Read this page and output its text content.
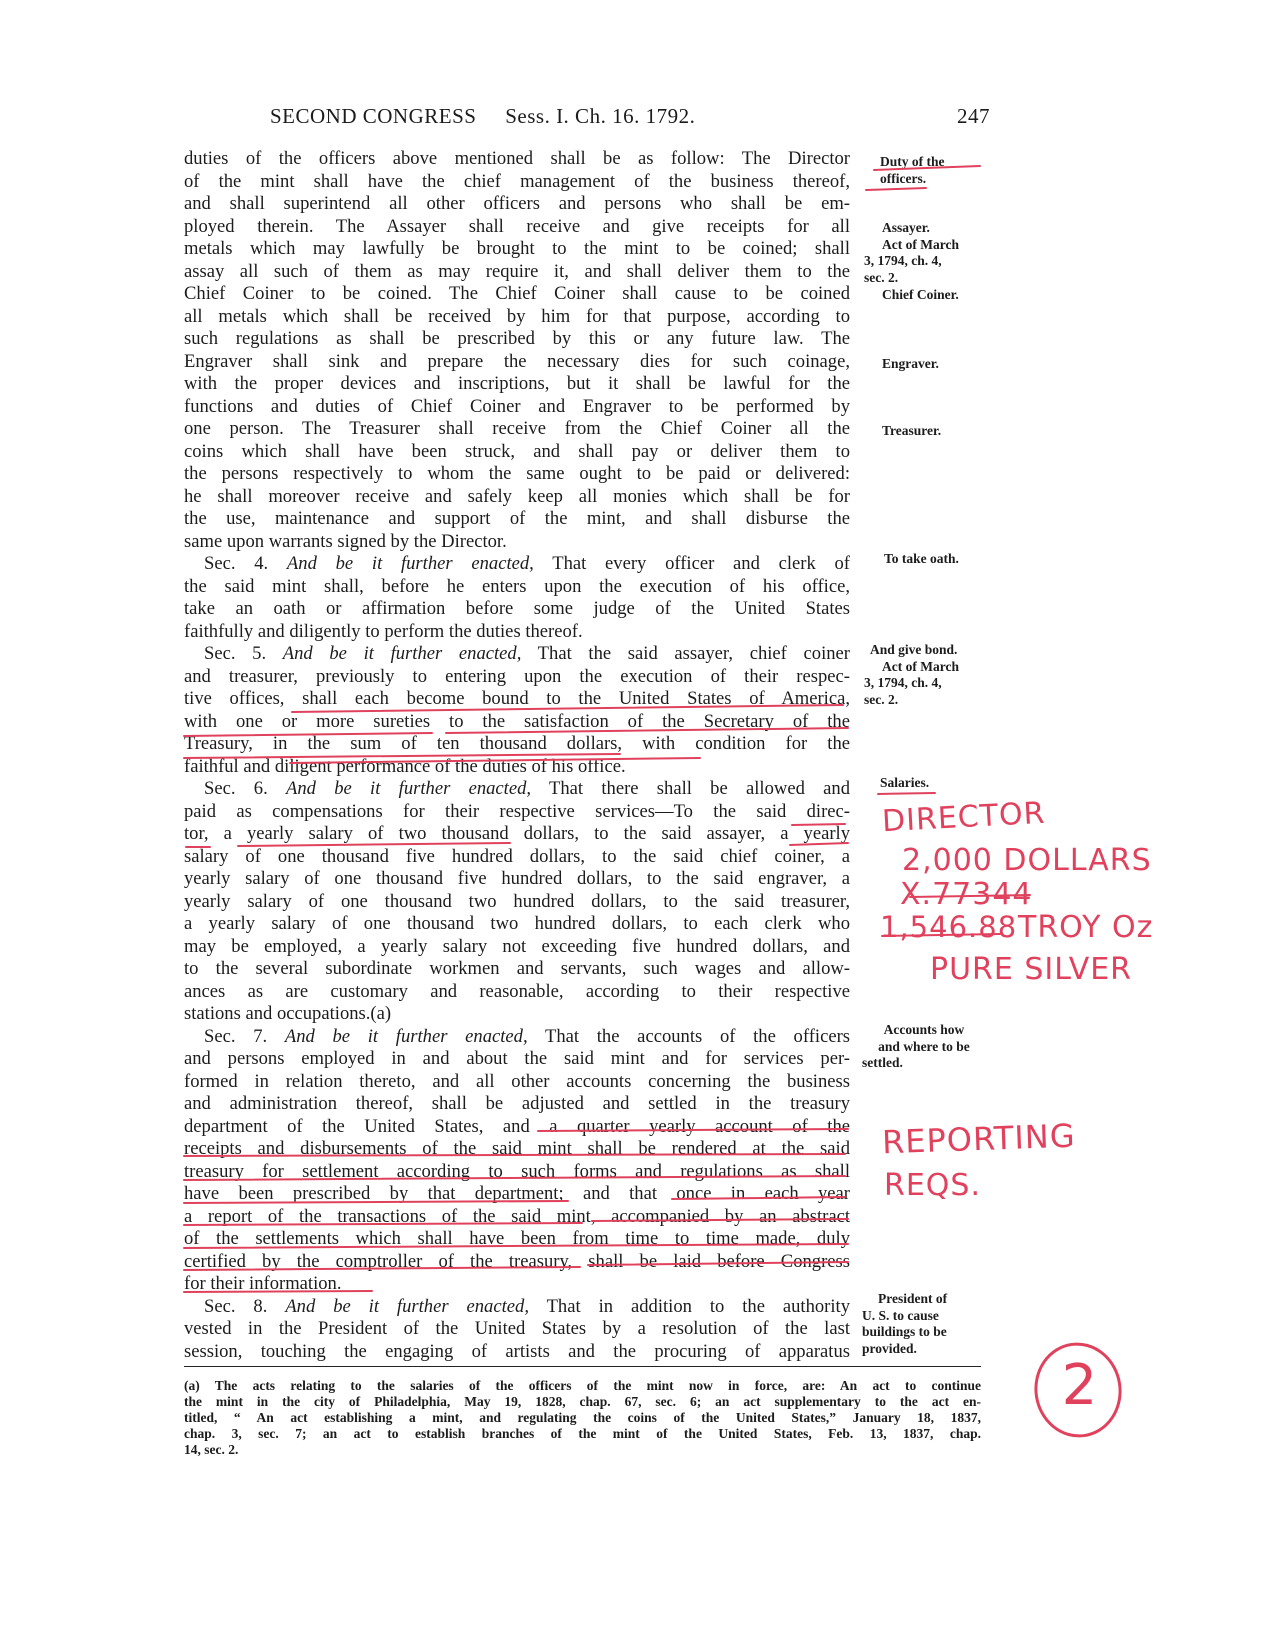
SECOND CONGRESS Sess. I. Ch. 16. 1792.	247
duties of the officers above mentioned shall be as follow: The Director
of the mint shall have the chief management of the business thereof,
and shall superintend all other officers and persons who shall be em-
ployed therein. The Assayer shall receive and give receipts for all
metals which may lawfully be brought to the mint to be coined; shall
assay all such of them as may require it, and shall deliver them to the
Chief Coiner to be coined. The Chief Coiner shall cause to be coined
all metals which shall be received by him for that purpose, according to
such regulations as shall be prescribed by this or any future law. The
Engraver shall sink and prepare the necessary dies for such coinage,
with the proper devices and inscriptions, but it shall be lawful for the
functions and duties of Chief Coiner and Engraver to be performed by
one person. The Treasurer shall receive from the Chief Coiner all the
coins which shall have been struck, and shall pay or deliver them to
the persons respectively to whom the same ought to be paid or delivered:
he shall moreover receive and safely keep all monies which shall be for
the use, maintenance and support of the mint, and shall disburse the
same upon warrants signed by the Director.
Sec. 4. And be it further enacted, That every officer and clerk of
the said mint shall, before he enters upon the execution of his office,
take an oath or affirmation before some judge of the United States
faithfully and diligently to perform the duties thereof.
Sec. 5. And be it further enacted, That the said assayer, chief coiner
and treasurer, previously to entering upon the execution of their respec-
tive offices, shall each become bound to the United States of America,
with one or more sureties to the satisfaction of the Secretary of the
Treasury, in the sum of ten thousand dollars, with condition for the
faithful and diligent performance of the duties of his office.
Sec. 6. And be it further enacted, That there shall be allowed and
paid as compensations for their respective services—To the said direc-
tor, a yearly salary of two thousand dollars, to the said assayer, a yearly
salary of one thousand five hundred dollars, to the said chief coiner, a
yearly salary of one thousand five hundred dollars, to the said engraver, a
yearly salary of one thousand two hundred dollars, to the said treasurer,
a yearly salary of one thousand two hundred dollars, to each clerk who
may be employed, a yearly salary not exceeding five hundred dollars, and
to the several subordinate workmen and servants, such wages and allow-
ances as are customary and reasonable, according to their respective
stations and occupations.(a)
Sec. 7. And be it further enacted, That the accounts of the officers
and persons employed in and about the said mint and for services per-
formed in relation thereto, and all other accounts concerning the business
and administration thereof, shall be adjusted and settled in the treasury
department of the United States, and a quarter yearly account of the
receipts and disbursements of the said mint shall be rendered at the said
treasury for settlement according to such forms and regulations as shall
have been prescribed by that department; and that once in each year
a report of the transactions of the said mint, accompanied by an abstract
of the settlements which shall have been from time to time made, duly
certified by the comptroller of the treasury, shall be laid before Congress
for their information.
Sec. 8. And be it further enacted, That in addition to the authority
vested in the President of the United States by a resolution of the last
session, touching the engaging of artists and the procuring of apparatus
Duty of the
officers.
Assayer.
Act of March
3, 1794, ch. 4,
sec. 2.
Chief Coiner.
Engraver.
Treasurer.
To take oath.
And give bond.
Act of March
3, 1794, ch. 4,
sec. 2.
Salaries.
Accounts how
and where to be
settled.
President of
U. S. to cause
buildings to be
provided.
(a) The acts relating to the salaries of the officers of the mint now in force, are: An act to continue
the mint in the city of Philadelphia, May 19, 1828, chap. 67, sec. 6; an act supplementary to the act en-
titled, “ An act establishing a mint, and regulating the coins of the United States,” January 18, 1837,
chap. 3, sec. 7; an act to establish branches of the mint of the United States, Feb. 13, 1837, chap.
14, sec. 2.
DIRECTOR
2,000 DOLLARS
X.77344
1,546.88 TROY Oz
PURE SILVER
REPORTING
REQS.
2
